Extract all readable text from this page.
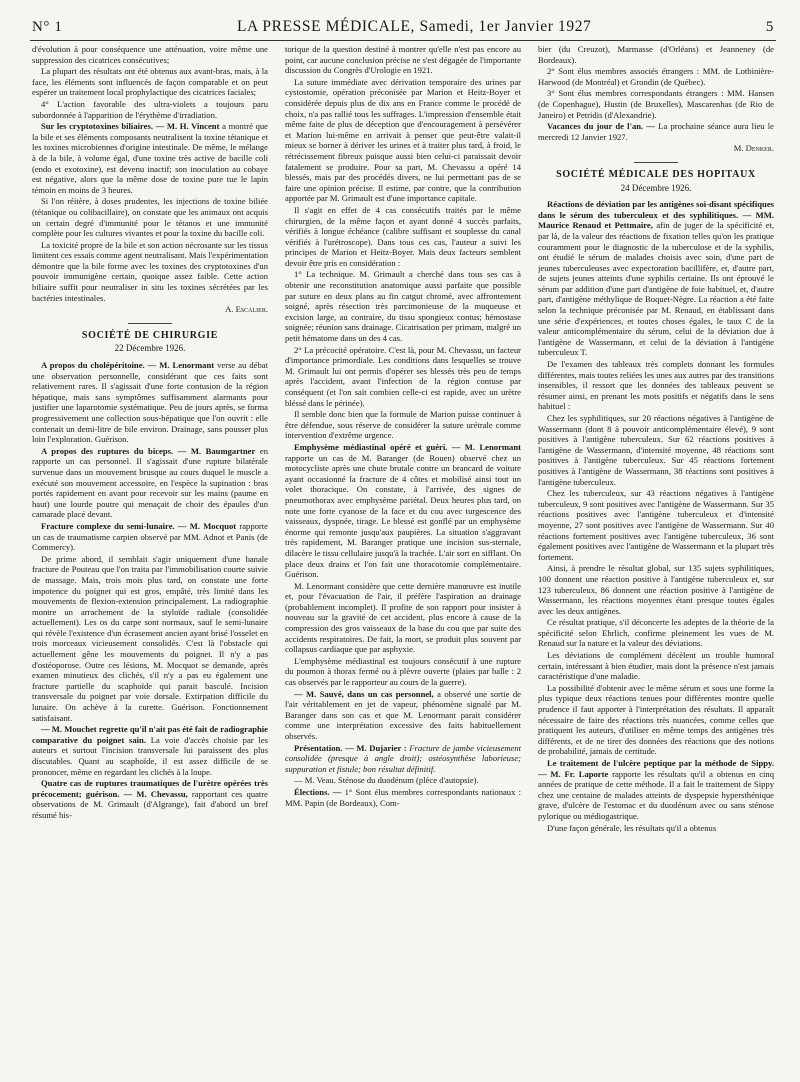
N° 1	LA PRESSE MÉDICALE, Samedi, 1er Janvier 1927	5

d'évolution à pour conséquence une atténuation, voire même une suppression des cicatrices consécutives;

La plupart des résultats ont été obtenus aux avant-bras, mais, à la face, les éléments sont influencés de façon comparable et on peut espérer un traitement local prophylactique des cicatrices faciales;

4° L'action favorable des ultra-violets a toujours paru subordonnée à l'apparition de l'érythème d'irradiation.

Sur les cryptotoxines biliaires. — M. H. Vincent a montré que la bile et ses éléments composants neutralisent la toxine tétanique et les toxines microbiennes d'origine intestinale. De même, le mélange à de la bile, à volume égal, d'une toxine très active de bacille coli (endo et exotoxine), est devenu inactif; son inoculation au cobaye est négative, alors que la même dose de toxine pure tue le lapin témoin en moins de 3 heures.

Si l'on réitère, à doses prudentes, les injections de toxine biliée (tétanique ou colibacillaire), on constate que les animaux ont acquis un certain degré d'immunité pour le tétanos et une immunité complète pour les cultures vivantes et pour la toxine du bacille coli.

La toxicité propre de la bile et son action nécrosante sur les tissus limitent ces essais comme agent neutralisant. Mais l'expérimentation démontre que la bile forme avec les toxines des cryptotoxines d'un pouvoir immunigène certain, quoique assez faible. Cette action biliaire suffit pour neutraliser in situ les toxines sécrétées par les bactéries intestinales.

A. Escalier.
SOCIÉTÉ DE CHIRURGIE
22 Décembre 1926.

A propos du cholépéritoine. — M. Lenormant verse au débat une observation personnelle, considérant que ces faits sont relativement rares. Il s'agissait d'une forte contusion de la région hépatique, mais sans symptômes suffisamment alarmants pour justifier une laparotomie systématique. Peu de jours après, se forma progressivement une collection sous-hépatique que l'on ouvrit : elle contenait un demi-litre de bile environ. Drainage, sans pousser plus loin l'exploration. Guérison.

A propos des ruptures du biceps. — M. Baumgartner en rapporte un cas personnel. Il s'agissait d'une rupture bilatérale survenue dans un mouvement brusque au cours duquel le muscle a exécuté son mouvement accessoire, en l'espèce la supination : bras portés rapidement en avant pour recevoir sur les mains (paume en haut) une lourde poutre qui menaçait de choir des épaules d'un camarade placé devant.

Fracture complexe du semi-lunaire. — M. Mocquot rapporte un cas de traumatisme carpien observé par MM. Adnot et Panis (de Commercy).

De prime abord, il semblait s'agir uniquement d'une banale fracture de Pouteau que l'on traita par l'immobilisation courte suivie de massage. Mais, trois mois plus tard, on constate une forte impotence du poignet qui est gros, empâté, très limité dans les mouvements de flexion-extension principalement. La radiographie montre un arrachement de la styloïde radiale (consolidée actuellement). Les os du carpe sont normaux, sauf le semi-lunaire qui révèle l'existence d'un écrasement ancien ayant brisé l'osselet en trois morceaux vicieusement consolidés. C'est là l'obstacle qui actuellement gêne les mouvements du poignet. Il n'y a pas d'ostéoporose. Outre ces lésions, M. Mocquot se demande, après examen minutieux des clichés, s'il n'y a pas eu également une fracture partielle du scaphoïde qui parait basculé. Incision transversale du poignet par voie dorsale. Extirpation difficile du lunaire. On achève à la curette. Guérison. Fonctionnement satisfaisant.

— M. Mouchet regrette qu'il n'ait pas été fait de radiographie comparative du poignet sain. La voie d'accès choisie par les auteurs et surtout l'incision transversale lui paraissent des plus discutables. Quant au scaphoïde, il est assez difficile de se prononcer, même en regardant les clichés à la loupe.

Quatre cas de ruptures traumatiques de l'urètre opérées très précocement; guérison. — M. Chevassu, rapportant ces quatre observations de M. Grimault (d'Algrange), fait d'abord un bref résumé his-

torique de la question destiné à montrer qu'elle n'est pas encore au point, car aucune conclusion précise ne s'est dégagée de l'importante discussion du Congrès d'Urologie en 1921.

La suture immédiate avec dérivation temporaire des urines par cystostomie, opération préconisée par Marion et Heitz-Boyer et considérée depuis plus de dix ans en France comme le procédé de choix, n'a pas rallié tous les suffrages. L'impression d'ensemble était même faite de plus de déception que d'encouragement à persévérer et Marion lui-même en arrivait à penser que peut-être valait-il mieux se borner à dériver les urines et à traiter plus tard, à froid, le rétrécissement fibreux puisque aussi bien celui-ci paraissait devoir fatalement se produire. Pour sa part, M. Chevassu a opéré 14 blessés, mais par des procédés divers, ne lui permettant pas de se faire une opinion précise. Il estime, par contre, que la contribution apportée par M. Grimault est d'une importance capitale.

Il s'agit en effet de 4 cas consécutifs traités par le même chirurgien, de la même façon et ayant donné 4 succès parfaits, vérifiés à longue échéance (calibre suffisant et souplesse du canal vérifiés à l'urétroscope). Dans tous ces cas, l'auteur a suivi les principes de Marion et Heitz-Boyer. Mais deux facteurs semblent devoir être pris en considération :

1° La technique. M. Grimault a cherché dans tous ses cas à obtenir une reconstitution anatomique aussi parfaite que possible par suture en deux plans au fin catgut chromé, avec affrontement soigné, après résection très parcimonieuse de la muqueuse et excision large, au contraire, du tissu spongieux contus; hémostase soignée; réunion sans drainage. Cicatrisation per primam, malgré un petit hématome dans un des 4 cas.

2° La précocité opératoire. C'est là, pour M. Chevassu, un facteur d'importance primordiale. Les conditions dans lesquelles se trouve M. Grimault lui ont permis d'opérer ses blessés très peu de temps après l'accident, avant l'infection de la région contuse par conséquent (et l'on sait combien celle-ci est rapide, avec un urètre bléssé dans le périnée).

Il semble donc bien que la formule de Marion puisse continuer à être défendue, sous réserve de considérer la suture urétrale comme intervention d'extrême urgence.

Emphysème médiastinal opéré et guéri. — M. Lenormant rapporte un cas de M. Baranger (de Rouen) observé chez un motocycliste après une chute brutale contre un brancard de voiture ayant occasionné la fracture de 4 côtes et mobilisé ainsi tout un volet thoracique. On constate, à l'arrivée, des signes de pneumothorax avec emphysème pariétal. Deux heures plus tard, on note une forte cyanose de la face et du cou avec turgescence des vaisseaux, dyspnée, tirage. Le blessé est gonflé par un emphysème énorme qui remonte jusqu'aux paupières. La situation s'aggravant très rapidement, M. Baranger pratique une incision sus-sternale, dilacère le tissu cellulaire jusqu'à la trachée. L'air sort en sifflant. On place deux drains et l'on fait une thoracotomie complémentaire. Guérison.

M. Lenormant considère que cette dernière manœuvre est inutile et, pour l'évacuation de l'air, il préfère l'aspiration au drainage (probablement incomplet). Il profite de son rapport pour insister à nouveau sur la gravité de cet accident, plus encore à cause de la compression des gros vaisseaux de la base du cou que par suite des accidents respiratoires. De fait, la mort, se produit plus souvent par collapsus cardiaque que par asphyxie.

L'emphysème médiastinal est toujours consécutif à une rupture du poumon à thorax fermé ou à plèvre ouverte (plaies par balle : 2 cas observés par le rapporteur au cours de la guerre).

— M. Sauvé, dans un cas personnel, a observé une sortie de l'air véritablement en jet de vapeur, phénomène signalé par M. Baranger dans son cas et que M. Lenormant parait considérer comme une interprétation excessive des faits habituellement observés.

Présentation. — M. Dujarier : Fracture de jambe vicieusement consolidée (presque à angle droit); ostéosynthèse laborieuse; suppuration et fistule; bon résultat définitif.

— M. Veau. Sténose du duodénum (plèce d'autopsie).

Élections. — 1° Sont élus membres correspondants nationaux : MM. Papin (de Bordeaux), Com-

bier (du Creuzot), Marmasse (d'Orléans) et Jeanneney (de Bordeaux).

2° Sont élus membres associés étrangers : MM. de Lotbinière-Harwood (de Montréal) et Grondin (de Québec).

3° Sont élus membres correspondants étrangers : MM. Hansen (de Copenhague), Hustin (de Bruxelles), Mascarenhas (de Rio de Janeiro) et Petridis (d'Alexandrie).

Vacances du jour de l'an. — La prochaine séance aura lieu le mercredi 12 Janvier 1927.

M. Denker.
SOCIÉTÉ MÉDICALE DES HOPITAUX
24 Décembre 1926.

Réactions de déviation par les antigènes soi-disant spécifiques dans le sérum des tuberculeux et des syphilitiques. — MM. Maurice Renaud et Pettmaire, afin de juger de la spécificité et, par là, de la valeur des réactions de fixation telles qu'on les pratique couramment pour le diagnostic de la tuberculose et de la syphilis, ont étudié le sérum de malades choisis avec soin, d'une part de jeunes tuberculeuses avec expectoration bacillifère, et, d'autre part, de sujets jeunes atteints d'une syphilis certaine. Ils ont éprouvé le sérum par addition d'une part d'antigène de foie habituel, et, d'autre part, d'antigène méthylique de Boquet-Nègre. La réaction a été faite selon la technique préconisée par M. Renaud, en établissant dans une série d'expériences, et toutes choses égales, le taux C de la valeur anticomplémentaire du sérum, celui de la déviation due à l'antigène de Wassermann, et celui de la déviation à l'antigène tuberculeux T.

De l'examen des tableaux très complets donnant les formules différentes, mais toutes reliées les unes aux autres par des transitions insensibles, il ressort que les données des tableaux peuvent se résumer ainsi, en prenant les mots positifs et négatifs dans le sens habituel :

Chez les syphilitiques, sur 20 réactions négatives à l'antigène de Wassermann (dont 8 à pouvoir anticomplémentaire élevé), 9 sont positives à l'antigène tuberculeux. Sur 62 réactions positives à l'antigène de Wassermann, d'intensité moyenne, 48 réactions sont positives à l'antigène tuberculeux. Sur 45 réactions fortement positives à l'antigène de Wassermann, 38 réactions sont positives à l'antigène tuberculeux.

Chez les tuberculeux, sur 43 réactions négatives à l'antigène tuberculeux, 9 sont positives avec l'antigène de Wassermann. Sur 35 réactions positives avec l'antigène tuberculeux et d'intensité moyenne, 27 sont positives avec l'antigène de Wassermann. Sur 40 réactions fortement positives avec l'antigène tuberculeux, 36 sont également positives avec l'antigène de Wassermann et la plupart très fortement.

Ainsi, à prendre le résultat global, sur 135 sujets syphilitiques, 100 donnent une réaction positive à l'antigène tuberculeux et, sur 123 tuberculeux, 86 donnent une réaction positive à l'antigène de Wassermann, les réactions moyennes étant presque toutes égales avec les deux antigènes.

Ce résultat pratique, s'il déconcerte les adeptes de la théorie de la spécificité selon Ehrlich, confirme pleinement les vues de M. Renaud sur la nature et la valeur des déviations.

Les déviations de complément décèlent un trouble humoral certain, intéressant à bien étudier, mais dont la présence n'est jamais caractéristique d'une maladie.

La possibilité d'obtenir avec le même sérum et sous une forme la plus typique deux réactions tenues pour différentes montre quelle prudence il faut apporter à l'interprétation des résultats. Il apparaît nécessaire de faire des réactions très nuancées, comme celles que pratiquent les auteurs, d'utiliser en même temps des antigènes très différents, et de ne tirer des données des réactions que des notions de probabilité, jamais de certitude.

Le traitement de l'ulcère peptique par la méthode de Sippy. — M. Fr. Laporte rapporte les résultats qu'il a obtenus en cinq années de pratique de cette méthode. Il a fait le traitement de Sippy chez une centaine de malades atteints de dyspepsie hypersthénique grave, d'ulcère de l'estomac et du duodénum avec ou sans sténose pylorique ou médiogastrique.

D'une façon générale, les résultats qu'il a obtenus
